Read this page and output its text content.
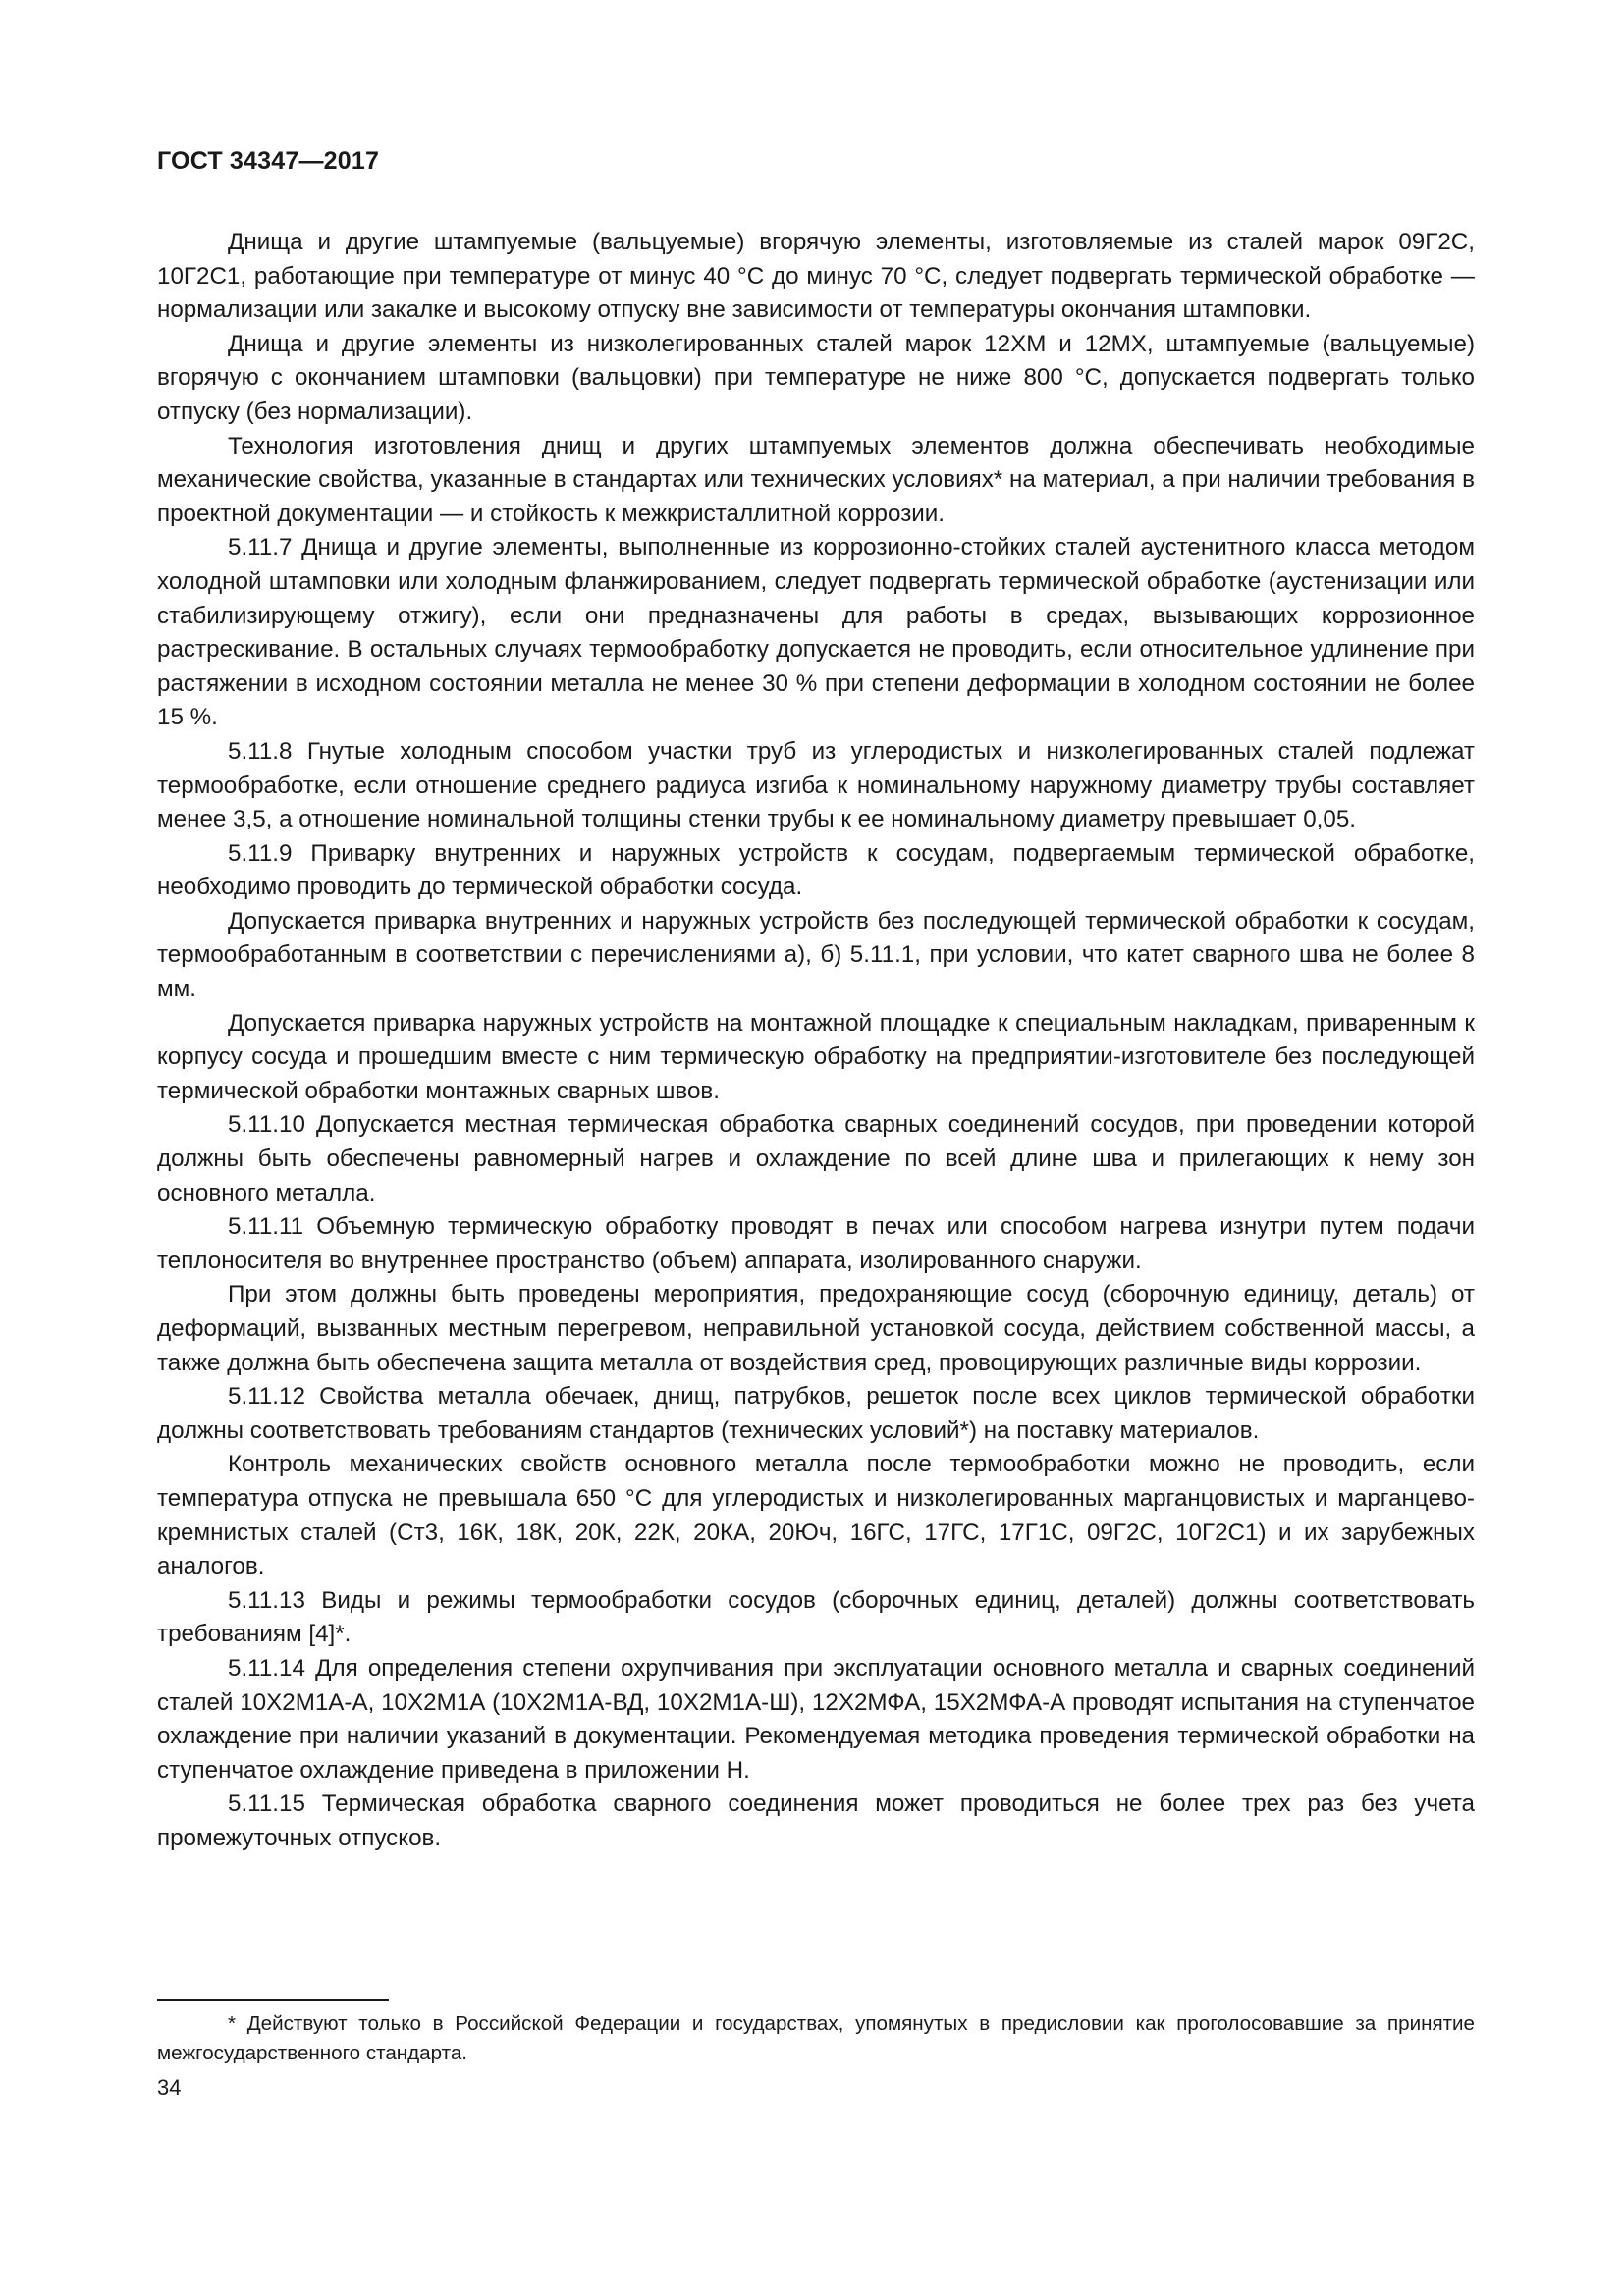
ГОСТ 34347—2017

Днища и другие штампуемые (вальцуемые) вгорячую элементы, изготовляемые из сталей марок 09Г2С, 10Г2С1, работающие при температуре от минус 40 °С до минус 70 °С, следует подвергать термической обработке — нормализации или закалке и высокому отпуску вне зависимости от температуры окончания штамповки.

Днища и другие элементы из низколегированных сталей марок 12ХМ и 12МХ, штампуемые (вальцуемые) вгорячую с окончанием штамповки (вальцовки) при температуре не ниже 800 °С, допускается подвергать только отпуску (без нормализации).

Технология изготовления днищ и других штампуемых элементов должна обеспечивать необходимые механические свойства, указанные в стандартах или технических условиях* на материал, а при наличии требования в проектной документации — и стойкость к межкристаллитной коррозии.

5.11.7 Днища и другие элементы, выполненные из коррозионно-стойких сталей аустенитного класса методом холодной штамповки или холодным фланжированием, следует подвергать термической обработке (аустенизации или стабилизирующему отжигу), если они предназначены для работы в средах, вызывающих коррозионное растрескивание. В остальных случаях термообработку допускается не проводить, если относительное удлинение при растяжении в исходном состоянии металла не менее 30 % при степени деформации в холодном состоянии не более 15 %.

5.11.8 Гнутые холодным способом участки труб из углеродистых и низколегированных сталей подлежат термообработке, если отношение среднего радиуса изгиба к номинальному наружному диаметру трубы составляет менее 3,5, а отношение номинальной толщины стенки трубы к ее номинальному диаметру превышает 0,05.

5.11.9 Приварку внутренних и наружных устройств к сосудам, подвергаемым термической обработке, необходимо проводить до термической обработки сосуда.

Допускается приварка внутренних и наружных устройств без последующей термической обработки к сосудам, термообработанным в соответствии с перечислениями а), б) 5.11.1, при условии, что катет сварного шва не более 8 мм.

Допускается приварка наружных устройств на монтажной площадке к специальным накладкам, приваренным к корпусу сосуда и прошедшим вместе с ним термическую обработку на предприятии-изготовителе без последующей термической обработки монтажных сварных швов.

5.11.10 Допускается местная термическая обработка сварных соединений сосудов, при проведении которой должны быть обеспечены равномерный нагрев и охлаждение по всей длине шва и прилегающих к нему зон основного металла.

5.11.11 Объемную термическую обработку проводят в печах или способом нагрева изнутри путем подачи теплоносителя во внутреннее пространство (объем) аппарата, изолированного снаружи.

При этом должны быть проведены мероприятия, предохраняющие сосуд (сборочную единицу, деталь) от деформаций, вызванных местным перегревом, неправильной установкой сосуда, действием собственной массы, а также должна быть обеспечена защита металла от воздействия сред, провоцирующих различные виды коррозии.

5.11.12 Свойства металла обечаек, днищ, патрубков, решеток после всех циклов термической обработки должны соответствовать требованиям стандартов (технических условий*) на поставку материалов.

Контроль механических свойств основного металла после термообработки можно не проводить, если температура отпуска не превышала 650 °С для углеродистых и низколегированных марганцовистых и марганцево-кремнистых сталей (Ст3, 16К, 18К, 20К, 22К, 20КА, 20Юч, 16ГС, 17ГС, 17Г1С, 09Г2С, 10Г2С1) и их зарубежных аналогов.

5.11.13 Виды и режимы термообработки сосудов (сборочных единиц, деталей) должны соответствовать требованиям [4]*.

5.11.14 Для определения степени охрупчивания при эксплуатации основного металла и сварных соединений сталей 10Х2М1А-А, 10Х2М1А (10Х2М1А-ВД, 10Х2М1А-Ш), 12Х2МФА, 15Х2МФА-А проводят испытания на ступенчатое охлаждение при наличии указаний в документации. Рекомендуемая методика проведения термической обработки на ступенчатое охлаждение приведена в приложении Н.

5.11.15 Термическая обработка сварного соединения может проводиться не более трех раз без учета промежуточных отпусков.

* Действуют только в Российской Федерации и государствах, упомянутых в предисловии как проголосовавшие за принятие межгосударственного стандарта.

34
